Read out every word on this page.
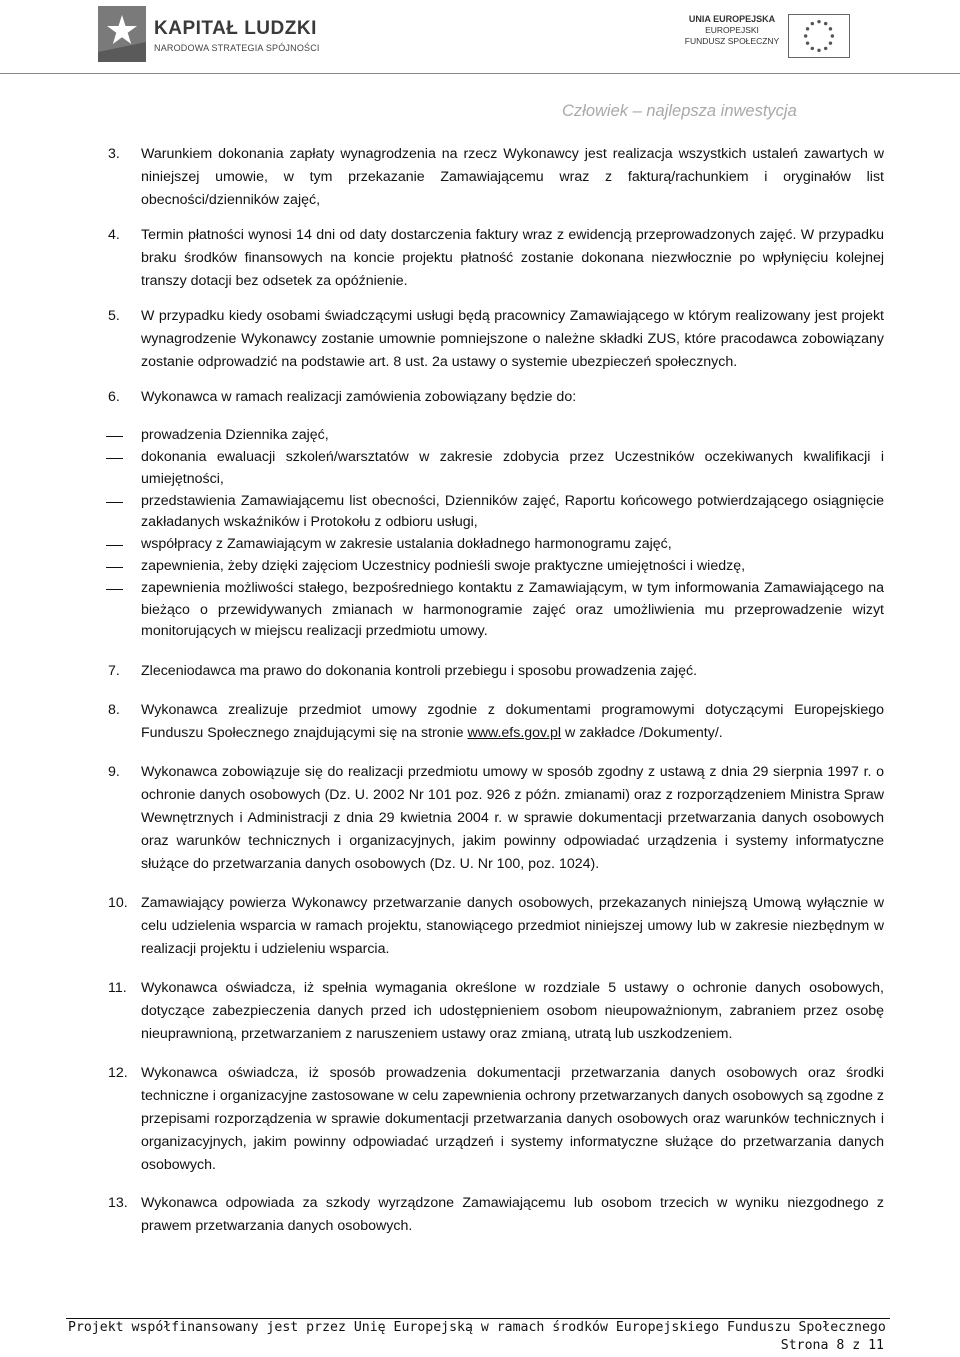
KAPITAŁ LUDZKI
NARODOWA STRATEGIA SPÓJNOŚCI
UNIA EUROPEJSKA
EUROPEJSKI
FUNDUSZ SPOŁECZNY
Człowiek – najlepsza inwestycja
3. Warunkiem dokonania zapłaty wynagrodzenia na rzecz Wykonawcy jest realizacja wszystkich ustaleń zawartych w niniejszej umowie, w tym przekazanie Zamawiającemu wraz z fakturą/rachunkiem i oryginałów list obecności/dzienników zajęć,
4. Termin płatności wynosi 14 dni od daty dostarczenia faktury wraz z ewidencją przeprowadzonych zajęć. W przypadku braku środków finansowych na koncie projektu płatność zostanie dokonana niezwłocznie po wpłynięciu kolejnej transzy dotacji bez odsetek za opóźnienie.
5. W przypadku kiedy osobami świadczącymi usługi będą pracownicy Zamawiającego w którym realizowany jest projekt wynagrodzenie Wykonawcy zostanie umownie pomniejszone o należne składki ZUS, które pracodawca zobowiązany zostanie odprowadzić na podstawie art. 8 ust. 2a ustawy o systemie ubezpieczeń społecznych.
6. Wykonawca w ramach realizacji zamówienia zobowiązany będzie do:
prowadzenia Dziennika zajęć,
dokonania ewaluacji szkoleń/warsztatów w zakresie zdobycia przez Uczestników oczekiwanych kwalifikacji i umiejętności,
przedstawienia Zamawiającemu list obecności, Dzienników zajęć, Raportu końcowego potwierdzającego osiągnięcie zakładanych wskaźników i Protokołu z odbioru usługi,
współpracy z Zamawiającym w zakresie ustalania dokładnego harmonogramu zajęć,
zapewnienia, żeby dzięki zajęciom Uczestnicy podnieśli swoje praktyczne umiejętności i wiedzę,
zapewnienia możliwości stałego, bezpośredniego kontaktu z Zamawiającym, w tym informowania Zamawiającego na bieżąco o przewidywanych zmianach w harmonogramie zajęć oraz umożliwienia mu przeprowadzenie wizyt monitorujących w miejscu realizacji przedmiotu umowy.
7. Zleceniodawca ma prawo do dokonania kontroli przebiegu i sposobu prowadzenia zajęć.
8. Wykonawca zrealizuje przedmiot umowy zgodnie z dokumentami programowymi dotyczącymi Europejskiego Funduszu Społecznego znajdującymi się na stronie www.efs.gov.pl w zakładce /Dokumenty/.
9. Wykonawca zobowiązuje się do realizacji przedmiotu umowy w sposób zgodny z ustawą z dnia 29 sierpnia 1997 r. o ochronie danych osobowych (Dz. U. 2002 Nr 101 poz. 926 z późn. zmianami) oraz z rozporządzeniem Ministra Spraw Wewnętrznych i Administracji z dnia 29 kwietnia 2004 r. w sprawie dokumentacji przetwarzania danych osobowych oraz warunków technicznych i organizacyjnych, jakim powinny odpowiadać urządzenia i systemy informatyczne służące do przetwarzania danych osobowych (Dz. U. Nr 100, poz. 1024).
10. Zamawiający powierza Wykonawcy przetwarzanie danych osobowych, przekazanych niniejszą Umową wyłącznie w celu udzielenia wsparcia w ramach projektu, stanowiącego przedmiot niniejszej umowy lub w zakresie niezbędnym w realizacji projektu i udzieleniu wsparcia.
11. Wykonawca oświadcza, iż spełnia wymagania określone w rozdziale 5 ustawy o ochronie danych osobowych, dotyczące zabezpieczenia danych przed ich udostępnieniem osobom nieupoważnionym, zabraniem przez osobę nieuprawnioną, przetwarzaniem z naruszeniem ustawy oraz zmianą, utratą lub uszkodzeniem.
12. Wykonawca oświadcza, iż sposób prowadzenia dokumentacji przetwarzania danych osobowych oraz środki techniczne i organizacyjne zastosowane w celu zapewnienia ochrony przetwarzanych danych osobowych są zgodne z przepisami rozporządzenia w sprawie dokumentacji przetwarzania danych osobowych oraz warunków technicznych i organizacyjnych, jakim powinny odpowiadać urządzeń i systemy informatyczne służące do przetwarzania danych osobowych.
13. Wykonawca odpowiada za szkody wyrządzone Zamawiającemu lub osobom trzecich w wyniku niezgodnego z prawem przetwarzania danych osobowych.
Projekt współfinansowany jest przez Unię Europejską w ramach środków Europejskiego Funduszu Społecznego
Strona 8 z 11
